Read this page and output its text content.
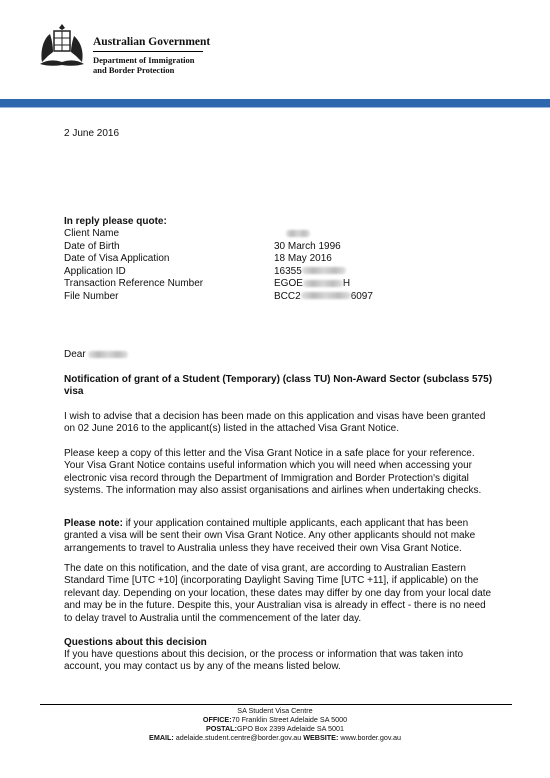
Australian Government
Department of Immigration
and Border Protection
2 June 2016
In reply please quote:
Client Name
Date of Birth	30 March 1996
Date of Visa Application	18 May 2016
Application ID	16355
Transaction Reference Number	EGOE	H
File Number	BCC2	6097
Dear
Notification of grant of a Student (Temporary) (class TU) Non-Award Sector (subclass 575) visa
I wish to advise that a decision has been made on this application and visas have been granted on 02 June 2016 to the applicant(s) listed in the attached Visa Grant Notice.
Please keep a copy of this letter and the Visa Grant Notice in a safe place for your reference. Your Visa Grant Notice contains useful information which you will need when accessing your electronic visa record through the Department of Immigration and Border Protection's digital systems. The information may also assist organisations and airlines when undertaking checks.
Please note: if your application contained multiple applicants, each applicant that has been granted a visa will be sent their own Visa Grant Notice. Any other applicants should not make arrangements to travel to Australia unless they have received their own Visa Grant Notice.
The date on this notification, and the date of visa grant, are according to Australian Eastern Standard Time [UTC +10] (incorporating Daylight Saving Time [UTC +11], if applicable) on the relevant day. Depending on your location, these dates may differ by one day from your local date and may be in the future. Despite this, your Australian visa is already in effect - there is no need to delay travel to Australia until the commencement of the later day.
Questions about this decision
If you have questions about this decision, or the process or information that was taken into account, you may contact us by any of the means listed below.
SA Student Visa Centre
OFFICE:70 Franklin Street Adelaide SA 5000
POSTAL:GPO Box 2399 Adelaide SA 5001
EMAIL: adelaide.student.centre@border.gov.au WEBSITE: www.border.gov.au
